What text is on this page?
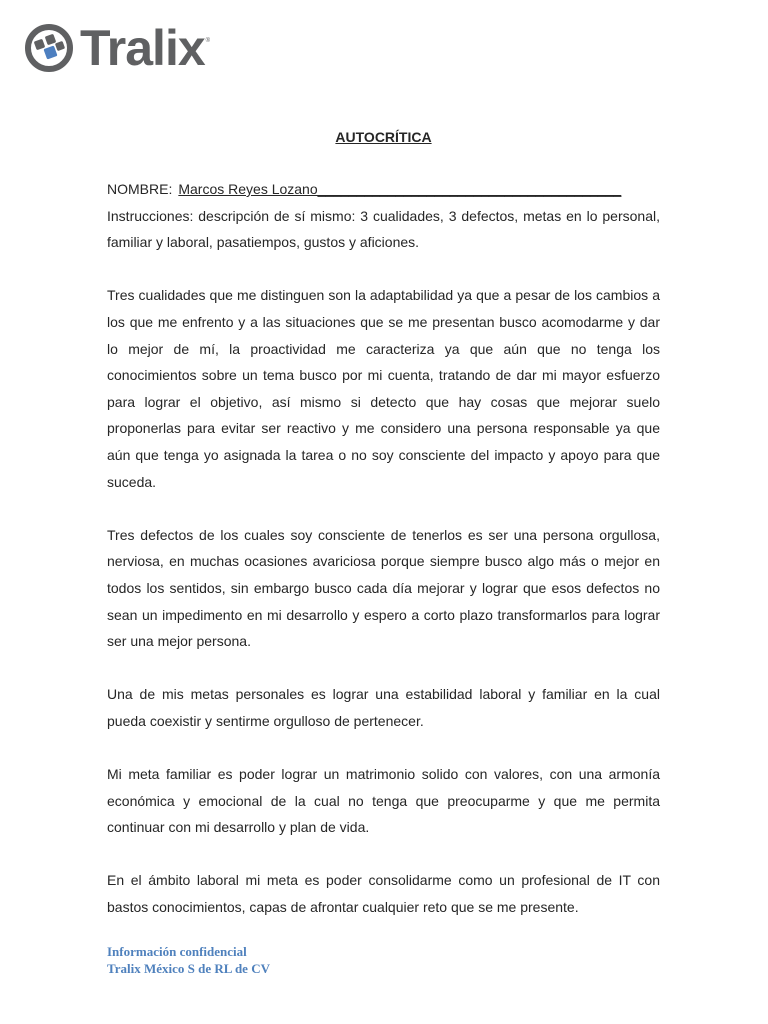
Tralix ®
AUTOCRÍTICA

NOMBRE: Marcos Reyes Lozano_______________________________________

Instrucciones: descripción de sí mismo: 3 cualidades, 3 defectos, metas en lo personal, familiar y laboral, pasatiempos, gustos y aficiones.

Tres cualidades que me distinguen son la adaptabilidad ya que a pesar de los cambios a los que me enfrento y a las situaciones que se me presentan busco acomodarme y dar lo mejor de mí, la proactividad me caracteriza ya que aún que no tenga los conocimientos sobre un tema busco por mi cuenta, tratando de dar mi mayor esfuerzo para lograr el objetivo, así mismo si detecto que hay cosas que mejorar suelo proponerlas para evitar ser reactivo y me considero una persona responsable ya que aún que tenga yo asignada la tarea o no soy consciente del impacto y apoyo para que suceda.

Tres defectos de los cuales soy consciente de tenerlos es ser una persona orgullosa, nerviosa, en muchas ocasiones avariciosa porque siempre busco algo más o mejor en todos los sentidos, sin embargo busco cada día mejorar y lograr que esos defectos no sean un impedimento en mi desarrollo y espero a corto plazo transformarlos para lograr ser una mejor persona.

Una de mis metas personales es lograr una estabilidad laboral y familiar en la cual pueda coexistir y sentirme orgulloso de pertenecer.

Mi meta familiar es poder lograr un matrimonio solido con valores, con una armonía económica y emocional de la cual no tenga que preocuparme y que me permita continuar con mi desarrollo y plan de vida.

En el ámbito laboral mi meta es poder consolidarme como un profesional de IT con bastos conocimientos, capas de afrontar cualquier reto que se me presente.

Información confidencial
Tralix México S de RL de CV
